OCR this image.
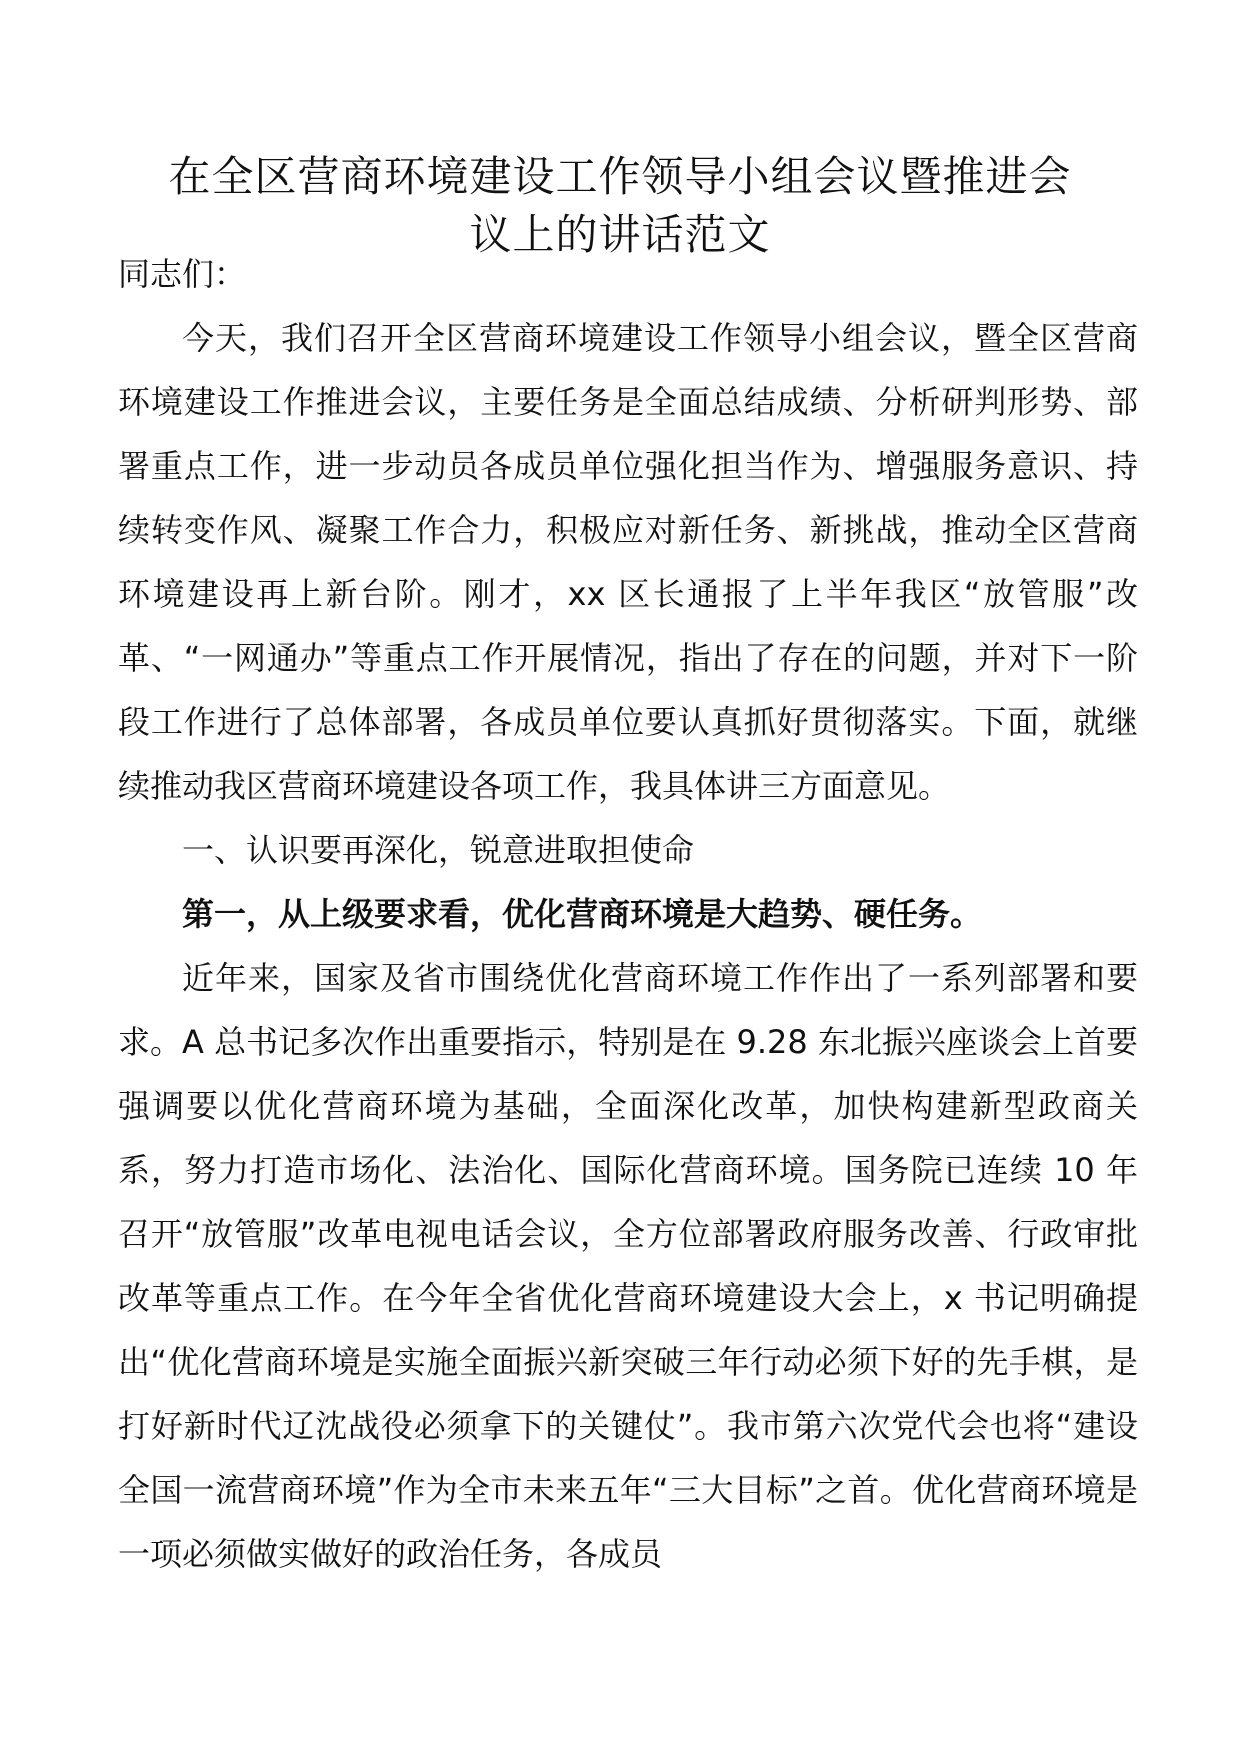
在全区营商环境建设工作领导小组会议暨推进会
议上的讲话范文

同志们：

今天，我们召开全区营商环境建设工作领导小组会议，暨全区营商环境建设工作推进会议，主要任务是全面总结成绩、分析研判形势、部署重点工作，进一步动员各成员单位强化担当作为、增强服务意识、持续转变作风、凝聚工作合力，积极应对新任务、新挑战，推动全区营商环境建设再上新台阶。刚才，xx 区长通报了上半年我区“放管服”改革、“一网通办”等重点工作开展情况，指出了存在的问题，并对下一阶段工作进行了总体部署，各成员单位要认真抓好贯彻落实。下面，就继续推动我区营商环境建设各项工作，我具体讲三方面意见。

一、认识要再深化，锐意进取担使命

第一，从上级要求看，优化营商环境是大趋势、硬任务。

近年来，国家及省市围绕优化营商环境工作作出了一系列部署和要求。A 总书记多次作出重要指示，特别是在 9.28 东北振兴座谈会上首要强调要以优化营商环境为基础，全面深化改革，加快构建新型政商关系，努力打造市场化、法治化、国际化营商环境。国务院已连续 10 年召开“放管服”改革电视电话会议，全方位部署政府服务改善、行政审批改革等重点工作。在今年全省优化营商环境建设大会上，x 书记明确提出“优化营商环境是实施全面振兴新突破三年行动必须下好的先手棋，是打好新时代辽沈战役必须拿下的关键仗”。我市第六次党代会也将“建设全国一流营商环境”作为全市未来五年“三大目标”之首。优化营商环境是一项必须做实做好的政治任务，各成员
